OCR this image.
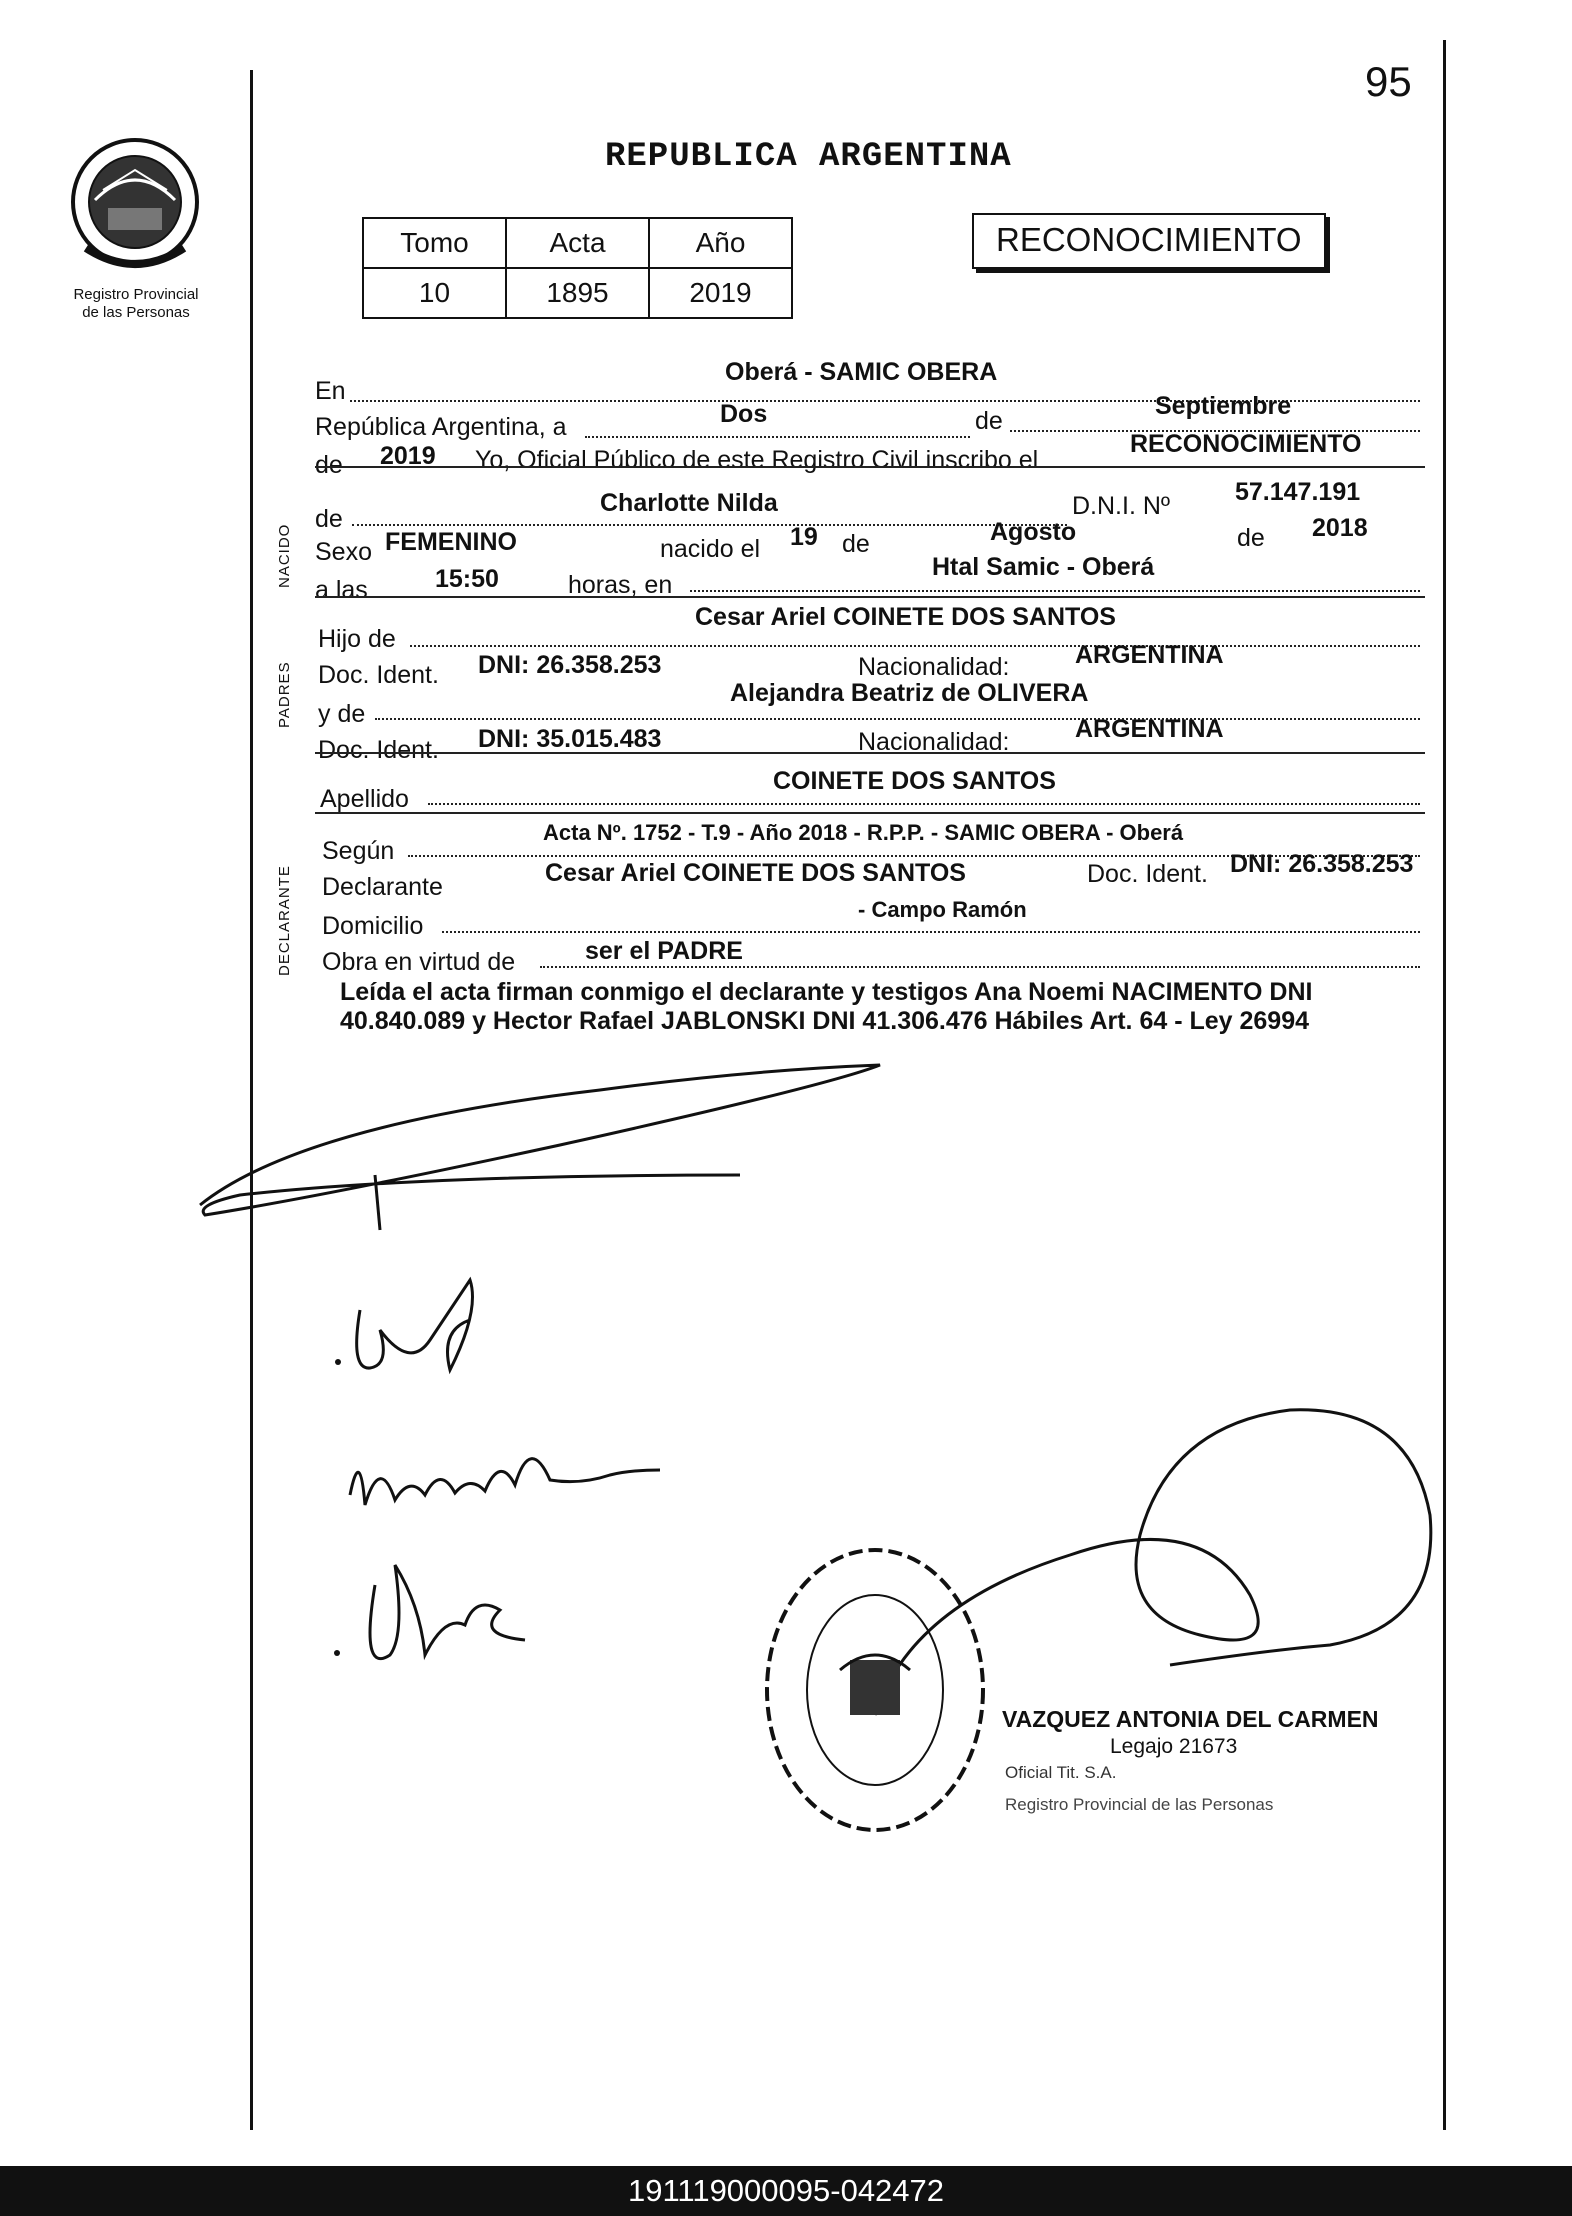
95
Registro Provincial
de las Personas
REPUBLICA ARGENTINA
Tomo	Acta	Año
10	1895	2019
RECONOCIMIENTO
NACIDO
PADRES
DECLARANTE
En
Oberá - SAMIC OBERA
República Argentina, a	Dos	de
Septiembre
de 2019 Yo, Oficial Público de este Registro Civil inscribo el
RECONOCIMIENTO
de
Charlotte Nilda	D.N.I. Nº	57.147.191
Sexo FEMENINO	nacido el 19 de	Agosto	de 2018
a las	15:50	horas, en
Htal Samic - Oberá
Hijo de
Cesar Ariel COINETE DOS SANTOS
Doc. Ident. DNI: 26.358.253	Nacionalidad:	ARGENTINA
y de
Alejandra Beatriz de OLIVERA
Doc. Ident. DNI: 35.015.483	Nacionalidad:	ARGENTINA
Apellido
COINETE DOS SANTOS
Según
Acta Nº. 1752 - T.9 - Año 2018 - R.P.P. - SAMIC OBERA - Oberá
Declarante	Cesar Ariel COINETE DOS SANTOS	Doc. Ident. DNI: 26.358.253
Domicilio
- Campo Ramón
Obra en virtud de	ser el PADRE
Leída el acta firman conmigo el declarante y testigos Ana Noemi NACIMENTO DNI 40.840.089 y Hector Rafael JABLONSKI DNI 41.306.476 Hábiles Art. 64 - Ley 26994
VAZQUEZ ANTONIA DEL CARMEN
Legajo 21673
Oficial Tit. S.A.
Registro Provincial de las Personas
191119000095-042472
